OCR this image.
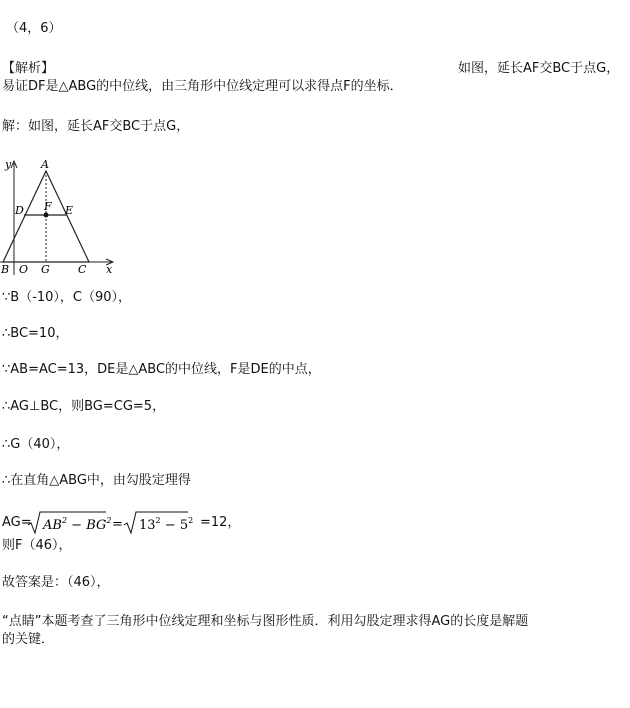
（4，6）
【解析】	如图，延长AF交BC于点G，
易证DF是△ABG的中位线，由三角形中位线定理可以求得点F的坐标．
解：如图，延长AF交BC于点G，
y	A
D F E
B O G	C x
∵B（-10），C（90），
∴BC=10，
∵AB=AC=13，DE是△ABC的中位线，F是DE的中点，
∴AG⊥BC，则BG=CG=5，
∴G（40），
∴在直角△ABG中，由勾股定理得
$AG= AB^2 - BG^2 = 13^2 - 5^2 =12$，
则F（46），
故答案是：（46），
“点睛”本题考查了三角形中位线定理和坐标与图形性质．利用勾股定理求得AG的长度是解题
的关键．
